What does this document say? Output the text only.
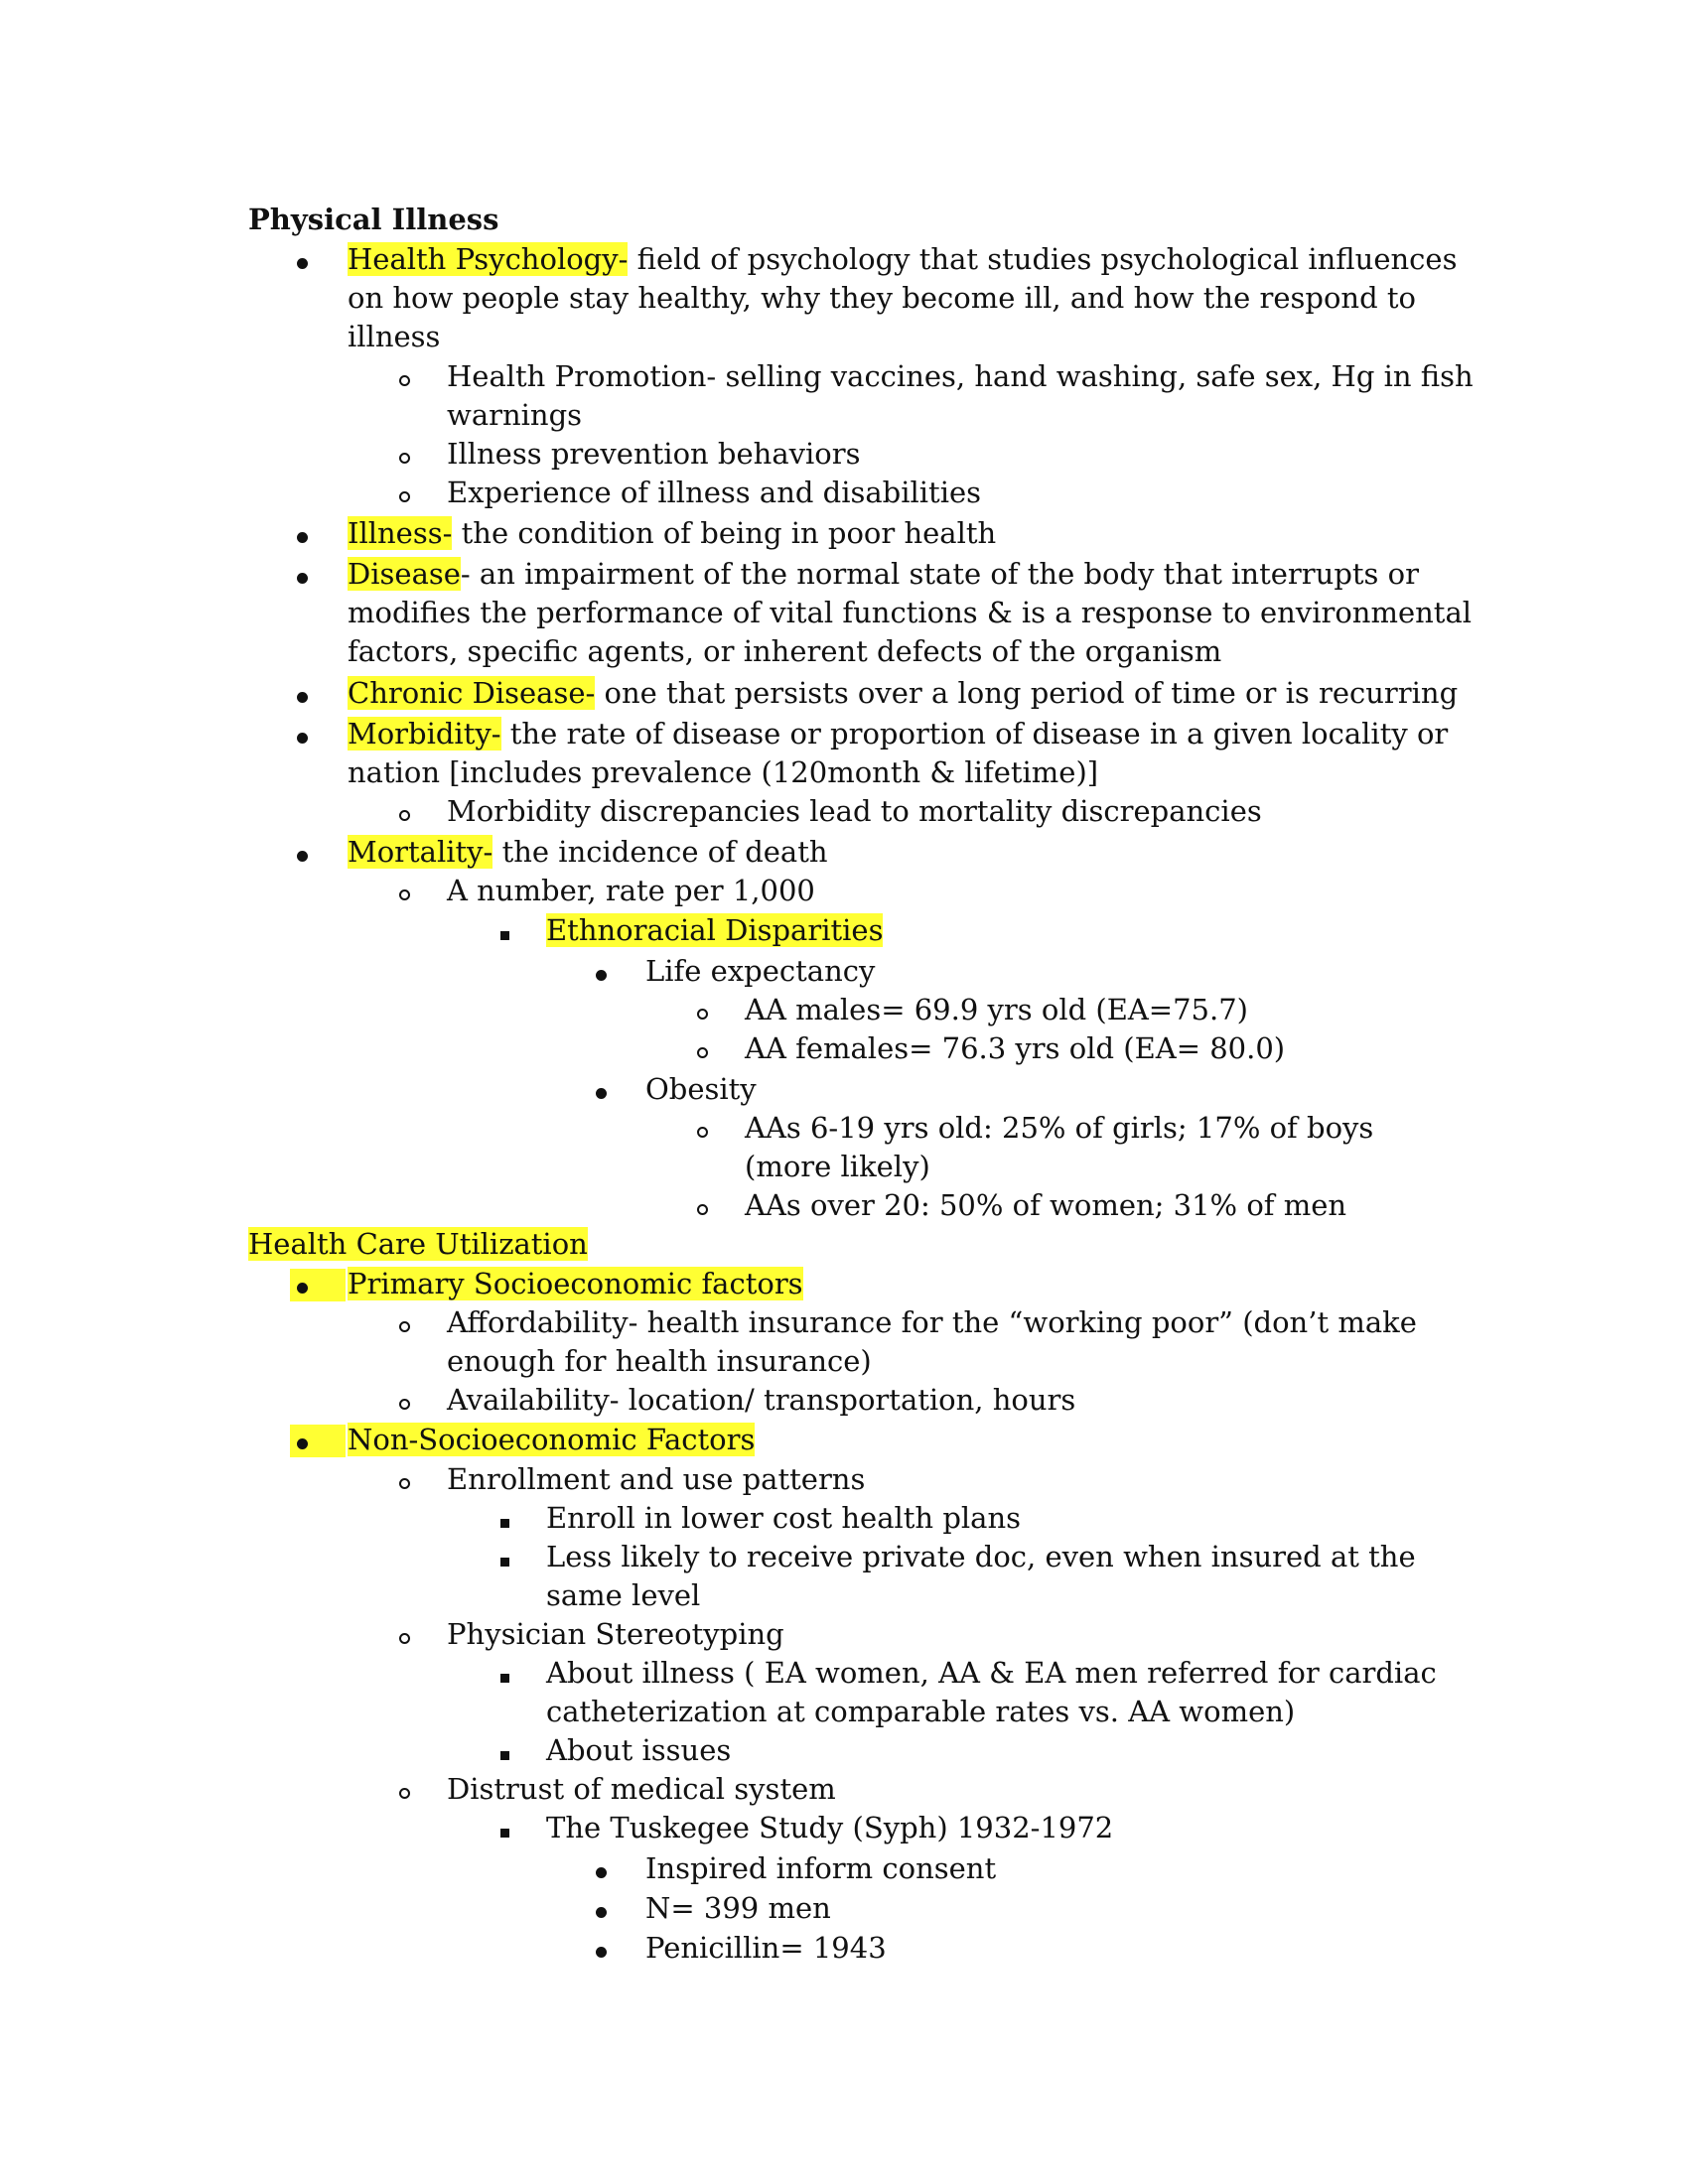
Physical Illness
Health Psychology- field of psychology that studies psychological influences
on how people stay healthy, why they become ill, and how the respond to
illness
Health Promotion- selling vaccines, hand washing, safe sex, Hg in fish
warnings
Illness prevention behaviors
Experience of illness and disabilities
Illness- the condition of being in poor health
Disease- an impairment of the normal state of the body that interrupts or
modifies the performance of vital functions & is a response to environmental
factors, specific agents, or inherent defects of the organism
Chronic Disease- one that persists over a long period of time or is recurring
Morbidity- the rate of disease or proportion of disease in a given locality or
nation [includes prevalence (120month & lifetime)]
Morbidity discrepancies lead to mortality discrepancies
Mortality- the incidence of death
A number, rate per 1,000
Ethnoracial Disparities
Life expectancy
AA males= 69.9 yrs old (EA=75.7)
AA females= 76.3 yrs old (EA= 80.0)
Obesity
AAs 6-19 yrs old: 25% of girls; 17% of boys
(more likely)
AAs over 20: 50% of women; 31% of men
Health Care Utilization
Primary Socioeconomic factors
Affordability- health insurance for the “working poor” (don’t make
enough for health insurance)
Availability- location/ transportation, hours
Non-Socioeconomic Factors
Enrollment and use patterns
Enroll in lower cost health plans
Less likely to receive private doc, even when insured at the
same level
Physician Stereotyping
About illness ( EA women, AA & EA men referred for cardiac
catheterization at comparable rates vs. AA women)
About issues
Distrust of medical system
The Tuskegee Study (Syph) 1932-1972
Inspired inform consent
N= 399 men
Penicillin= 1943
